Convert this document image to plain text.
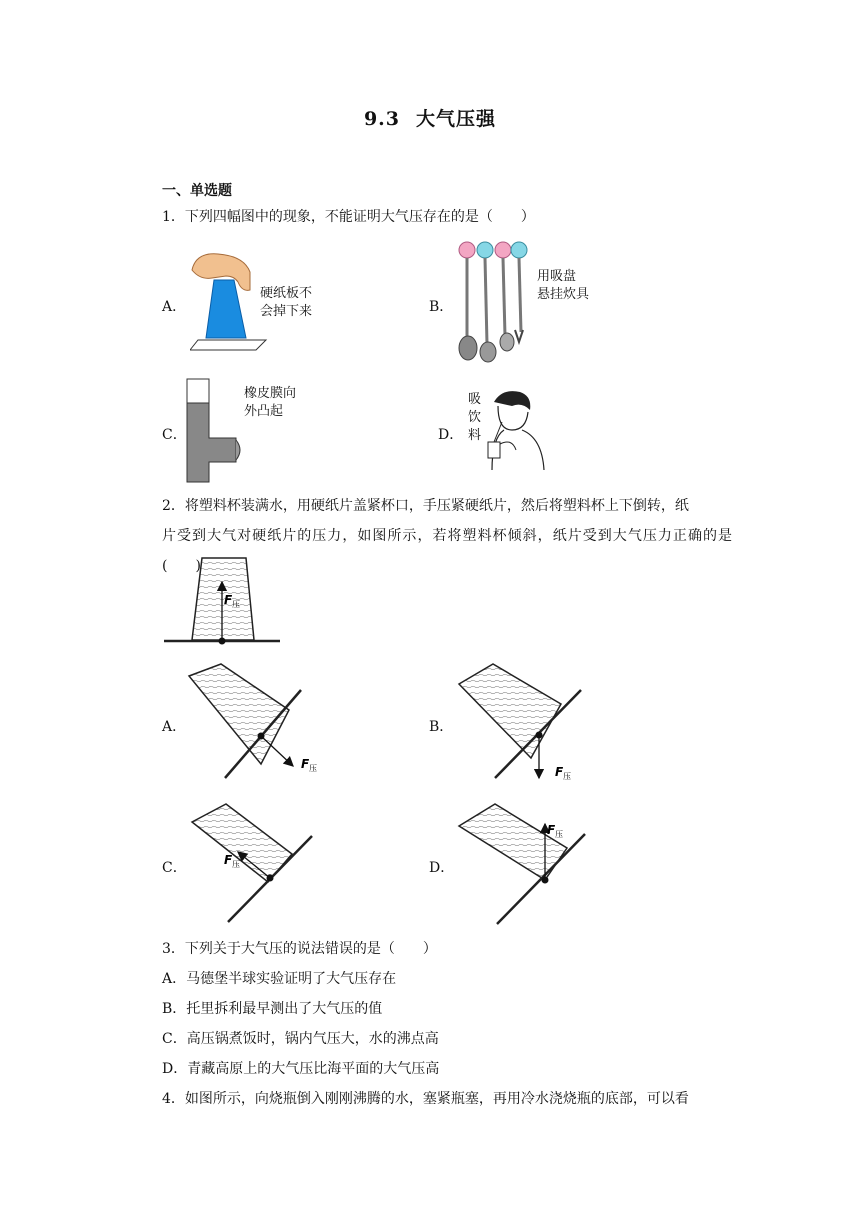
9.3 大气压强
一、单选题
1．下列四幅图中的现象，不能证明大气压存在的是（　　）
A．
硬纸板不
会掉下来	B．
用吸盘
悬挂炊具
C．
橡皮膜向
外凸起
D．
吸
饮
料
2．将塑料杯装满水，用硬纸片盖紧杯口，手压紧硬纸片，然后将塑料杯上下倒转，纸
片受到大气对硬纸片的压力，如图所示，若将塑料杯倾斜，纸片受到大气压力正确的是(　　)
F 压
A．
F 压
B．
F 压
C．	F 压	D．
F 压
3．下列关于大气压的说法错误的是（　　）
A．马德堡半球实验证明了大气压存在
B．托里拆利最早测出了大气压的值
C．高压锅煮饭时，锅内气压大，水的沸点高
D．青藏高原上的大气压比海平面的大气压高
4．如图所示，向烧瓶倒入刚刚沸腾的水，塞紧瓶塞，再用冷水浇烧瓶的底部，可以看
